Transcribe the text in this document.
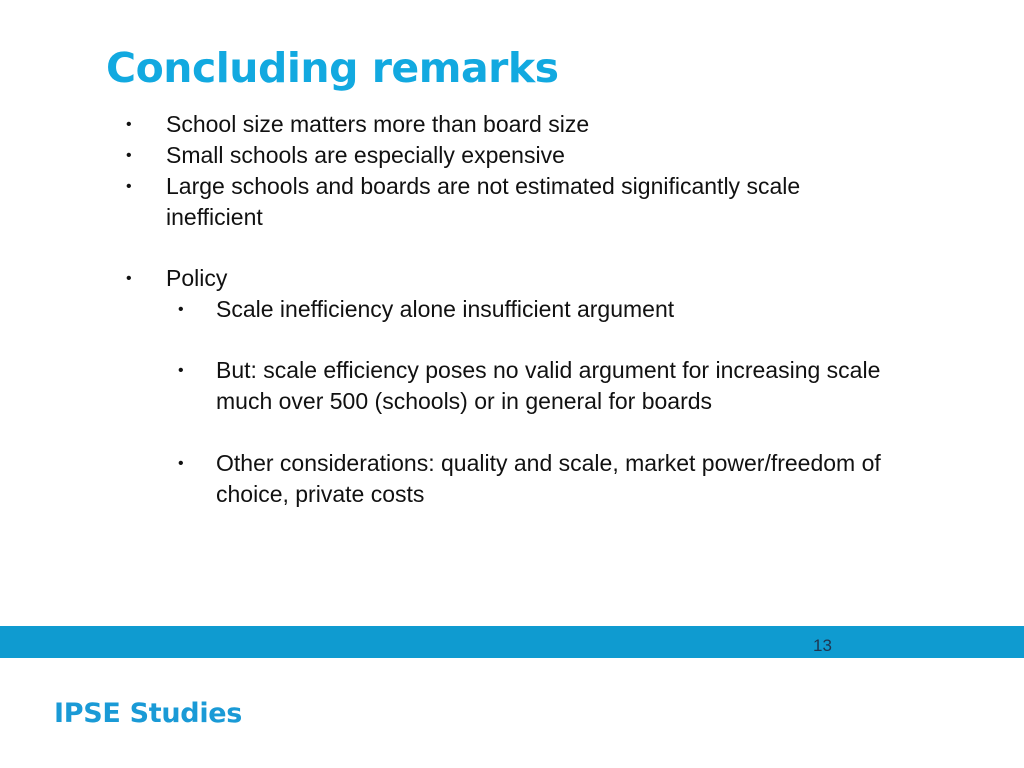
Concluding remarks
• School size matters more than board size
• Small schools are especially expensive
• Large schools and boards are not estimated significantly scale inefficient
• Policy
• Scale inefficiency alone insufficient argument
• But: scale efficiency poses no valid argument for increasing scale much over 500 (schools) or in general for boards
• Other considerations: quality and scale, market power/freedom of choice, private costs
13
IPSE Studies
